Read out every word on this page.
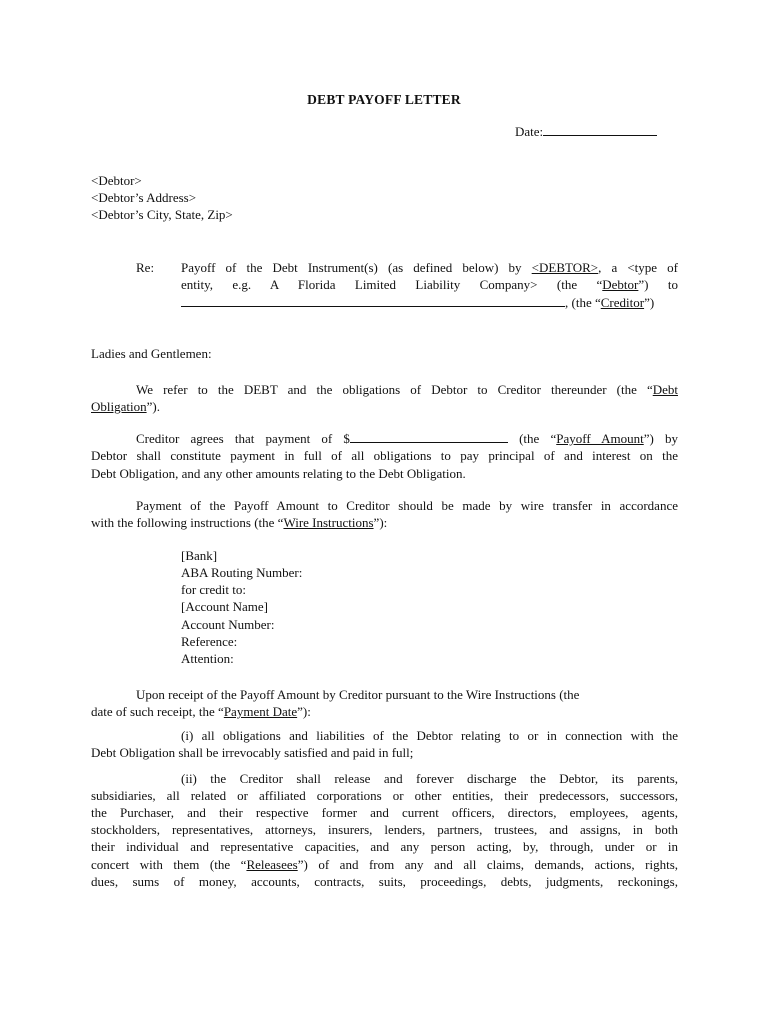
DEBT PAYOFF LETTER
Date:
<Debtor>
<Debtor’s Address>
<Debtor’s City, State, Zip>
Re: Payoff of the Debt Instrument(s) (as defined below) by <DEBTOR>, a <type of
entity, e.g. A Florida Limited Liability Company> (the “Debtor”) to
, (the “Creditor”)
Ladies and Gentlemen:
We refer to the DEBT and the obligations of Debtor to Creditor thereunder (the “Debt
Obligation”).
Creditor agrees that payment of $	(the “Payoff Amount”) by
Debtor shall constitute payment in full of all obligations to pay principal of and interest on the
Debt Obligation, and any other amounts relating to the Debt Obligation.
Payment of the Payoff Amount to Creditor should be made by wire transfer in accordance
with the following instructions (the “Wire Instructions”):
[Bank]
ABA Routing Number:
for credit to:
[Account Name]
Account Number:
Reference:
Attention:
Upon receipt of the Payoff Amount by Creditor pursuant to the Wire Instructions (the
date of such receipt, the “Payment Date”):
(i) all obligations and liabilities of the Debtor relating to or in connection with the
Debt Obligation shall be irrevocably satisfied and paid in full;
(ii) the Creditor shall release and forever discharge the Debtor, its parents,
subsidiaries, all related or affiliated corporations or other entities, their predecessors, successors,
the Purchaser, and their respective former and current officers, directors, employees, agents,
stockholders, representatives, attorneys, insurers, lenders, partners, trustees, and assigns, in both
their individual and representative capacities, and any person acting, by, through, under or in
concert with them (the “Releasees”) of and from any and all claims, demands, actions, rights,
dues, sums of money, accounts, contracts, suits, proceedings, debts, judgments, reckonings,
